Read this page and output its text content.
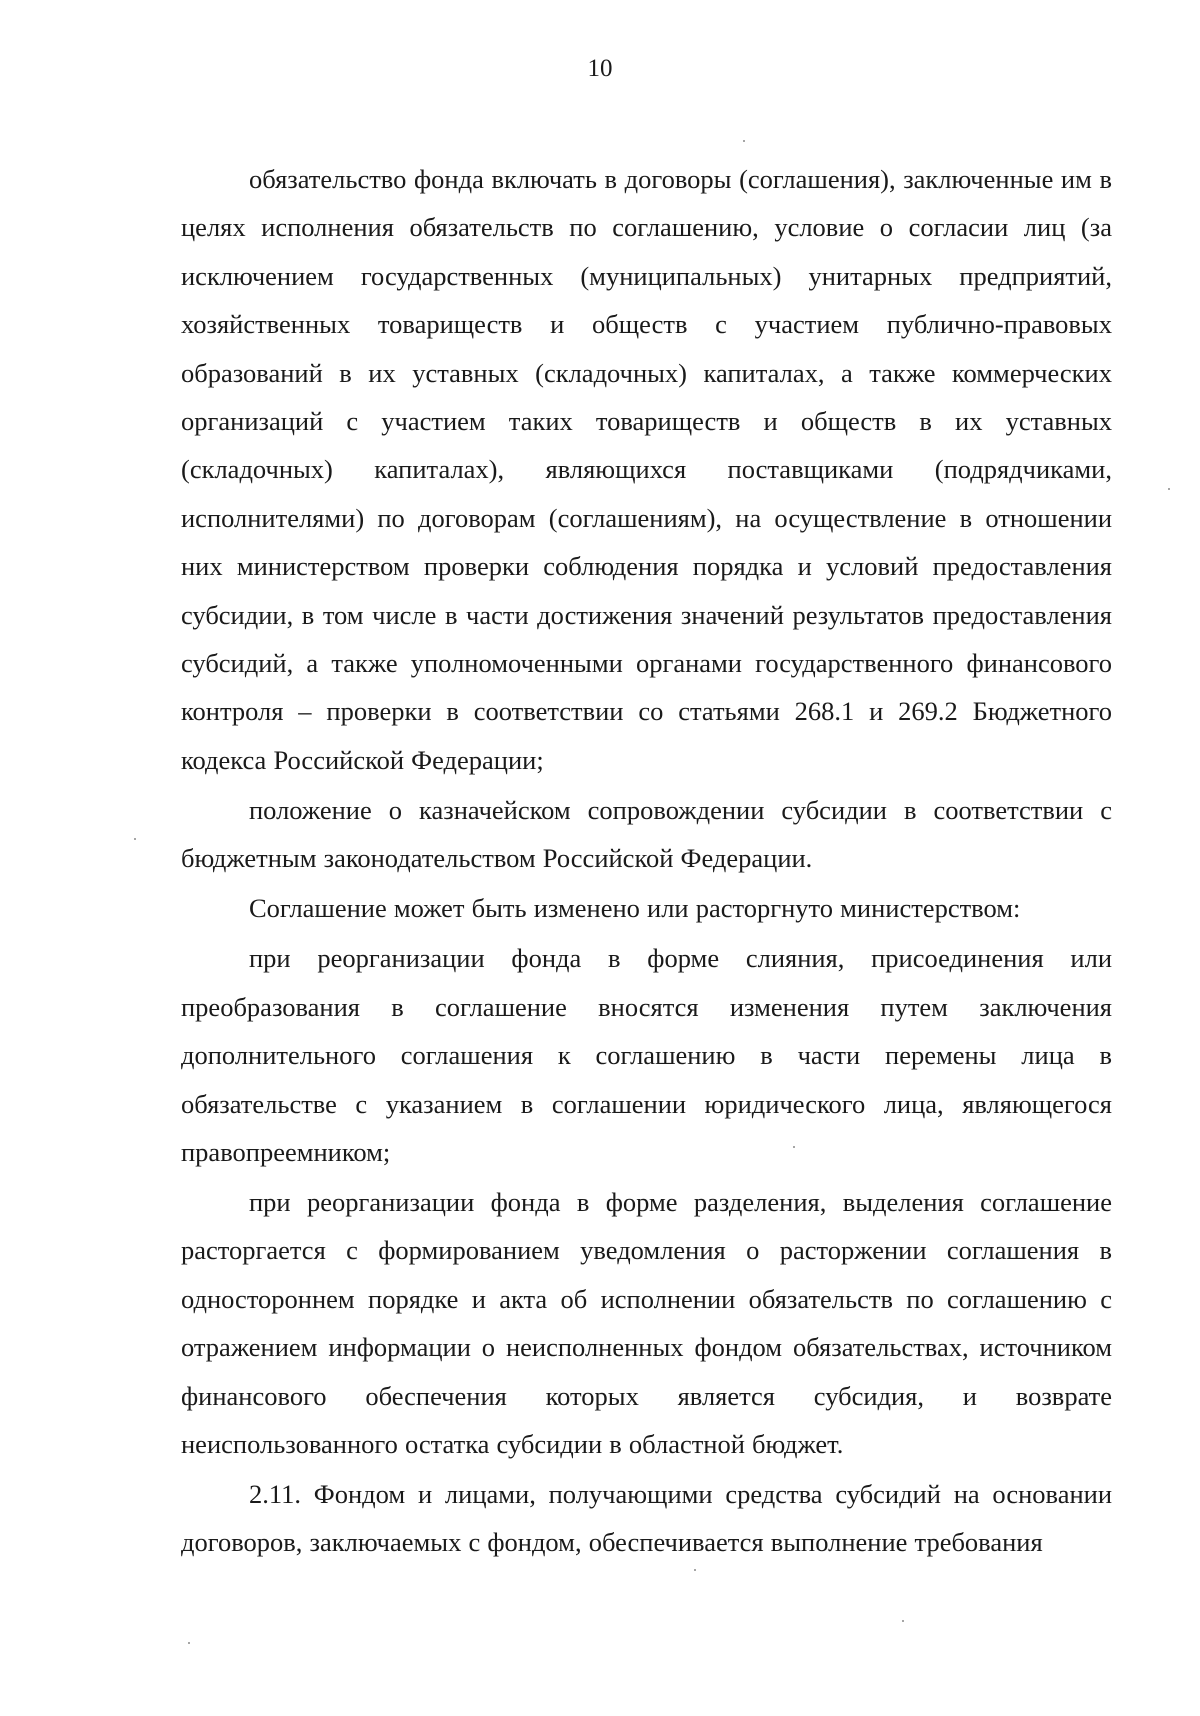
10

обязательство фонда включать в договоры (соглашения), заключенные им в целях исполнения обязательств по соглашению, условие о согласии лиц (за исключением государственных (муниципальных) унитарных предприятий, хозяйственных товариществ и обществ с участием публично-правовых образований в их уставных (складочных) капиталах, а также коммерческих организаций с участием таких товариществ и обществ в их уставных (складочных) капиталах), являющихся поставщиками (подрядчиками, исполнителями) по договорам (соглашениям), на осуществление в отношении них министерством проверки соблюдения порядка и условий предоставления субсидии, в том числе в части достижения значений результатов предоставления субсидий, а также уполномоченными органами государственного финансового контроля – проверки в соответствии со статьями 268.1 и 269.2 Бюджетного кодекса Российской Федерации;

положение о казначейском сопровождении субсидии в соответствии с бюджетным законодательством Российской Федерации.

Соглашение может быть изменено или расторгнуто министерством:

при реорганизации фонда в форме слияния, присоединения или преобразования в соглашение вносятся изменения путем заключения дополнительного соглашения к соглашению в части перемены лица в обязательстве с указанием в соглашении юридического лица, являющегося правопреемником;

при реорганизации фонда в форме разделения, выделения соглашение расторгается с формированием уведомления о расторжении соглашения в одностороннем порядке и акта об исполнении обязательств по соглашению с отражением информации о неисполненных фондом обязательствах, источником финансового обеспечения которых является субсидия, и возврате неиспользованного остатка субсидии в областной бюджет.

2.11. Фондом и лицами, получающими средства субсидий на основании договоров, заключаемых с фондом, обеспечивается выполнение требования
